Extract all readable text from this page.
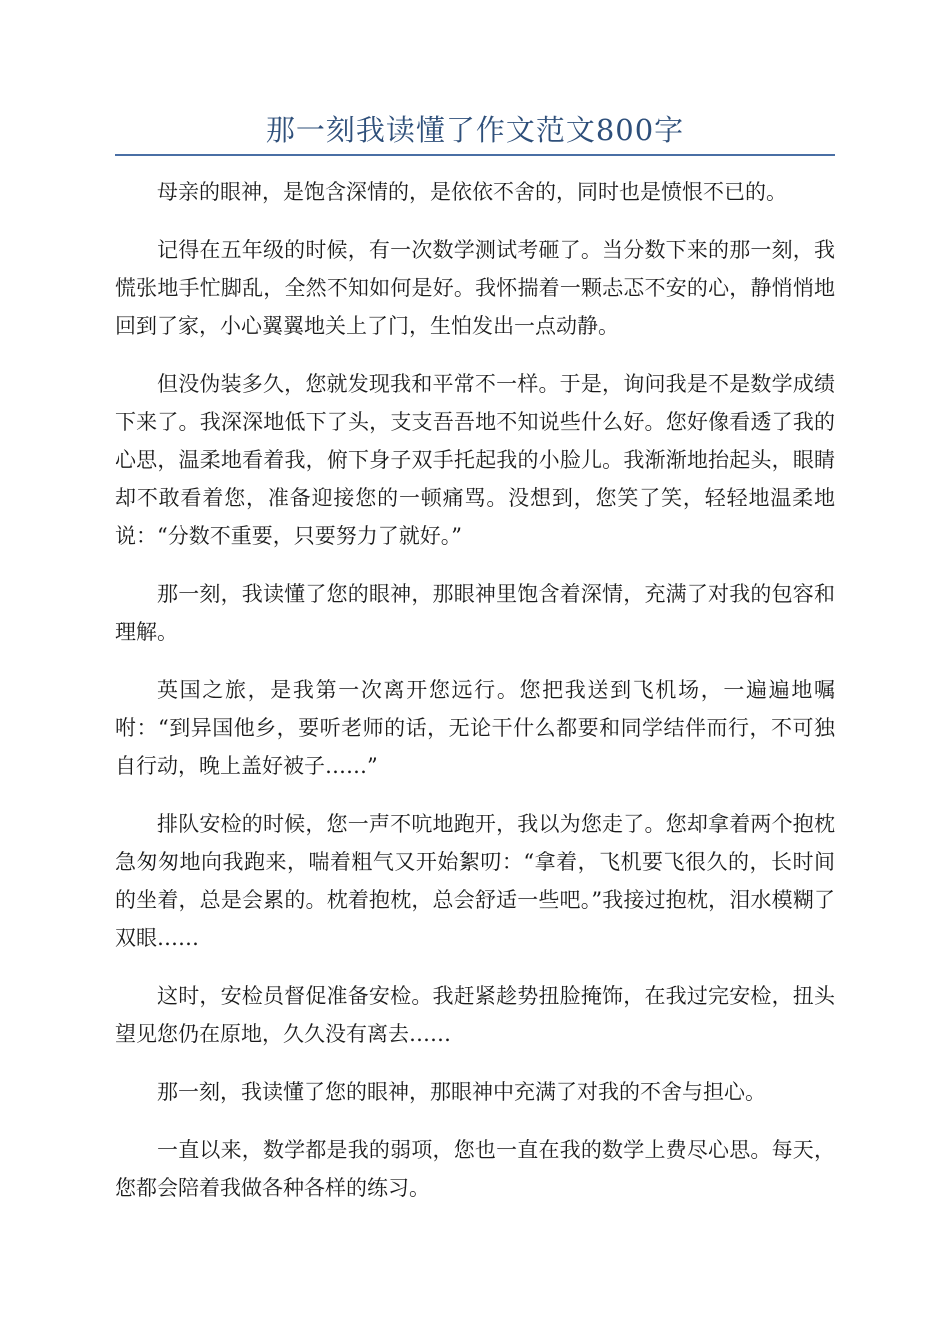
那一刻我读懂了作文范文800字

母亲的眼神，是饱含深情的，是依依不舍的，同时也是愤恨不已的。

记得在五年级的时候，有一次数学测试考砸了。当分数下来的那一刻，我慌张地手忙脚乱，全然不知如何是好。我怀揣着一颗忐忑不安的心，静悄悄地回到了家，小心翼翼地关上了门，生怕发出一点动静。

但没伪装多久，您就发现我和平常不一样。于是，询问我是不是数学成绩下来了。我深深地低下了头，支支吾吾地不知说些什么好。您好像看透了我的心思，温柔地看着我，俯下身子双手托起我的小脸儿。我渐渐地抬起头，眼睛却不敢看着您，准备迎接您的一顿痛骂。没想到，您笑了笑，轻轻地温柔地说：“分数不重要，只要努力了就好。”

那一刻，我读懂了您的眼神，那眼神里饱含着深情，充满了对我的包容和理解。

英国之旅，是我第一次离开您远行。您把我送到飞机场，一遍遍地嘱咐：“到异国他乡，要听老师的话，无论干什么都要和同学结伴而行，不可独自行动，晚上盖好被子……”

排队安检的时候，您一声不吭地跑开，我以为您走了。您却拿着两个抱枕急匆匆地向我跑来，喘着粗气又开始絮叨：“拿着，飞机要飞很久的，长时间的坐着，总是会累的。枕着抱枕，总会舒适一些吧。”我接过抱枕，泪水模糊了双眼……

这时，安检员督促准备安检。我赶紧趁势扭脸掩饰，在我过完安检，扭头望见您仍在原地，久久没有离去……

那一刻，我读懂了您的眼神，那眼神中充满了对我的不舍与担心。

一直以来，数学都是我的弱项，您也一直在我的数学上费尽心思。每天，您都会陪着我做各种各样的练习。
